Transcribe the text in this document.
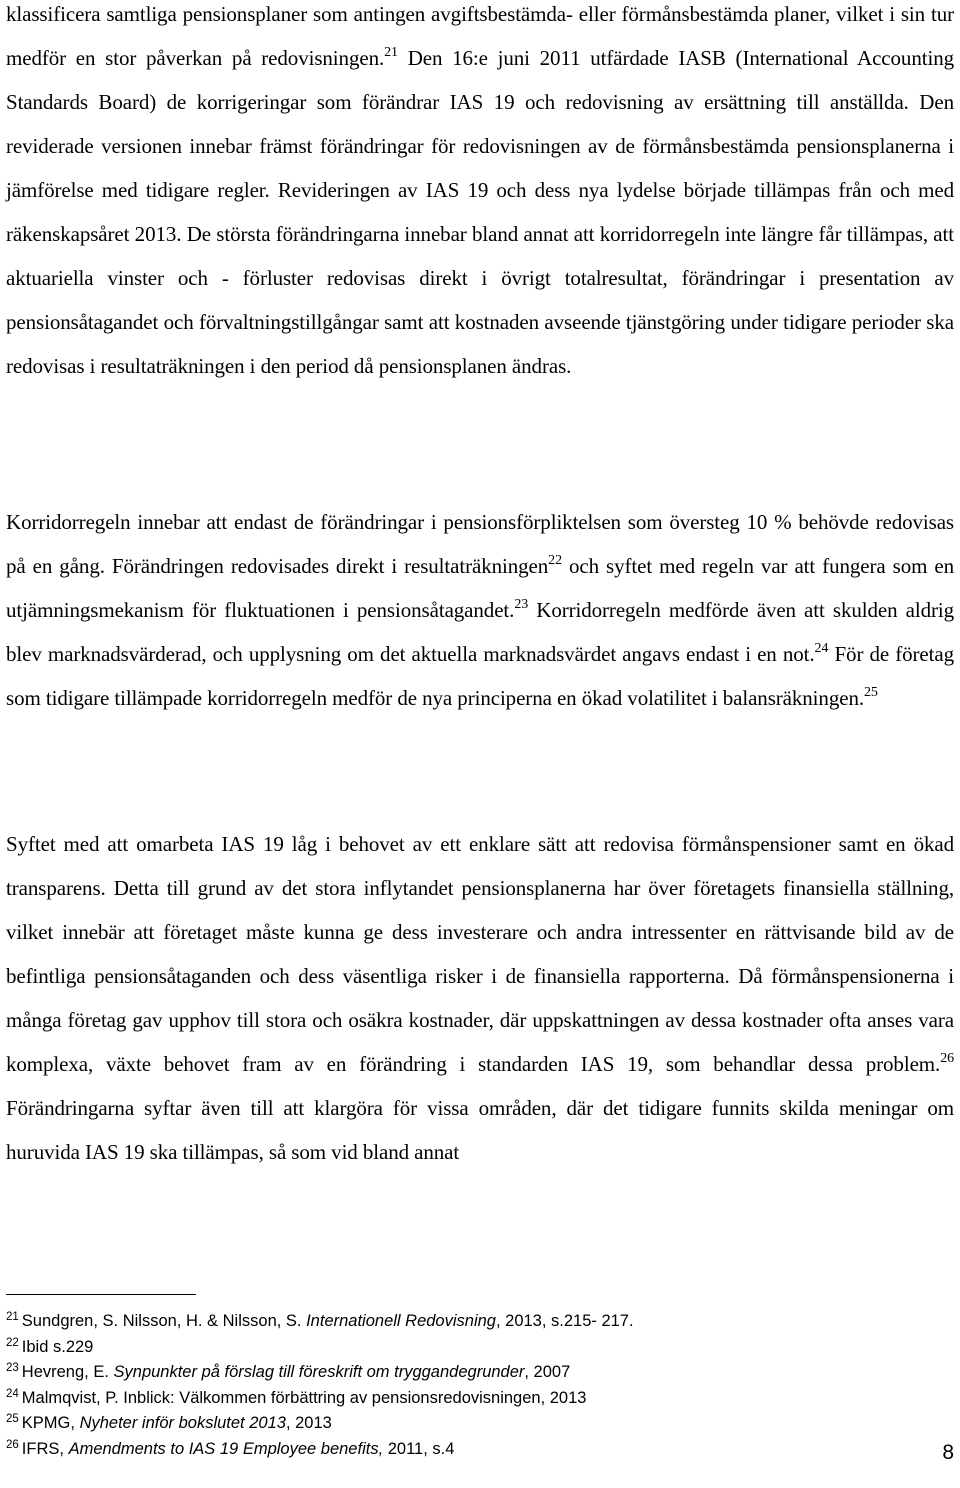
klassificera samtliga pensionsplaner som antingen avgiftsbestämda- eller förmånsbestämda planer, vilket i sin tur medför en stor påverkan på redovisningen.$^{21}$ Den 16:e juni 2011 utfärdade IASB (International Accounting Standards Board) de korrigeringar som förändrar IAS 19 och redovisning av ersättning till anställda. Den reviderade versionen innebar främst förändringar för redovisningen av de förmånsbestämda pensionsplanerna i jämförelse med tidigare regler. Revideringen av IAS 19 och dess nya lydelse började tillämpas från och med räkenskapsåret 2013. De största förändringarna innebar bland annat att korridorregeln inte längre får tillämpas, att aktuariella vinster och - förluster redovisas direkt i övrigt totalresultat, förändringar i presentation av pensionsåtagandet och förvaltningstillgångar samt att kostnaden avseende tjänstgöring under tidigare perioder ska redovisas i resultaträkningen i den period då pensionsplanen ändras.

Korridorregeln innebar att endast de förändringar i pensionsförpliktelsen som översteg 10 % behövde redovisas på en gång. Förändringen redovisades direkt i resultaträkningen$^{22}$ och syftet med regeln var att fungera som en utjämningsmekanism för fluktuationen i pensionsåtagandet.$^{23}$ Korridorregeln medförde även att skulden aldrig blev marknadsvärderad, och upplysning om det aktuella marknadsvärdet angavs endast i en not.$^{24}$ För de företag som tidigare tillämpade korridorregeln medför de nya principerna en ökad volatilitet i balansräkningen.$^{25}$

Syftet med att omarbeta IAS 19 låg i behovet av ett enklare sätt att redovisa förmånspensioner samt en ökad transparens. Detta till grund av det stora inflytandet pensionsplanerna har över företagets finansiella ställning, vilket innebär att företaget måste kunna ge dess investerare och andra intressenter en rättvisande bild av de befintliga pensionsåtaganden och dess väsentliga risker i de finansiella rapporterna. Då förmånspensionerna i många företag gav upphov till stora och osäkra kostnader, där uppskattningen av dessa kostnader ofta anses vara komplexa, växte behovet fram av en förändring i standarden IAS 19, som behandlar dessa problem.$^{26}$ Förändringarna syftar även till att klargöra för vissa områden, där det tidigare funnits skilda meningar om huruvida IAS 19 ska tillämpas, så som vid bland annat

$^{21}$ Sundgren, S. Nilsson, H. & Nilsson, S. Internationell Redovisning, 2013, s.215- 217.
$^{22}$ Ibid s.229
$^{23}$ Hevreng, E. Synpunkter på förslag till föreskrift om tryggandegrunder, 2007
$^{24}$ Malmqvist, P. Inblick: Välkommen förbättring av pensionsredovisningen, 2013
$^{25}$ KPMG, Nyheter inför bokslutet 2013, 2013
$^{26}$ IFRS, Amendments to IAS 19 Employee benefits, 2011, s.4	8
